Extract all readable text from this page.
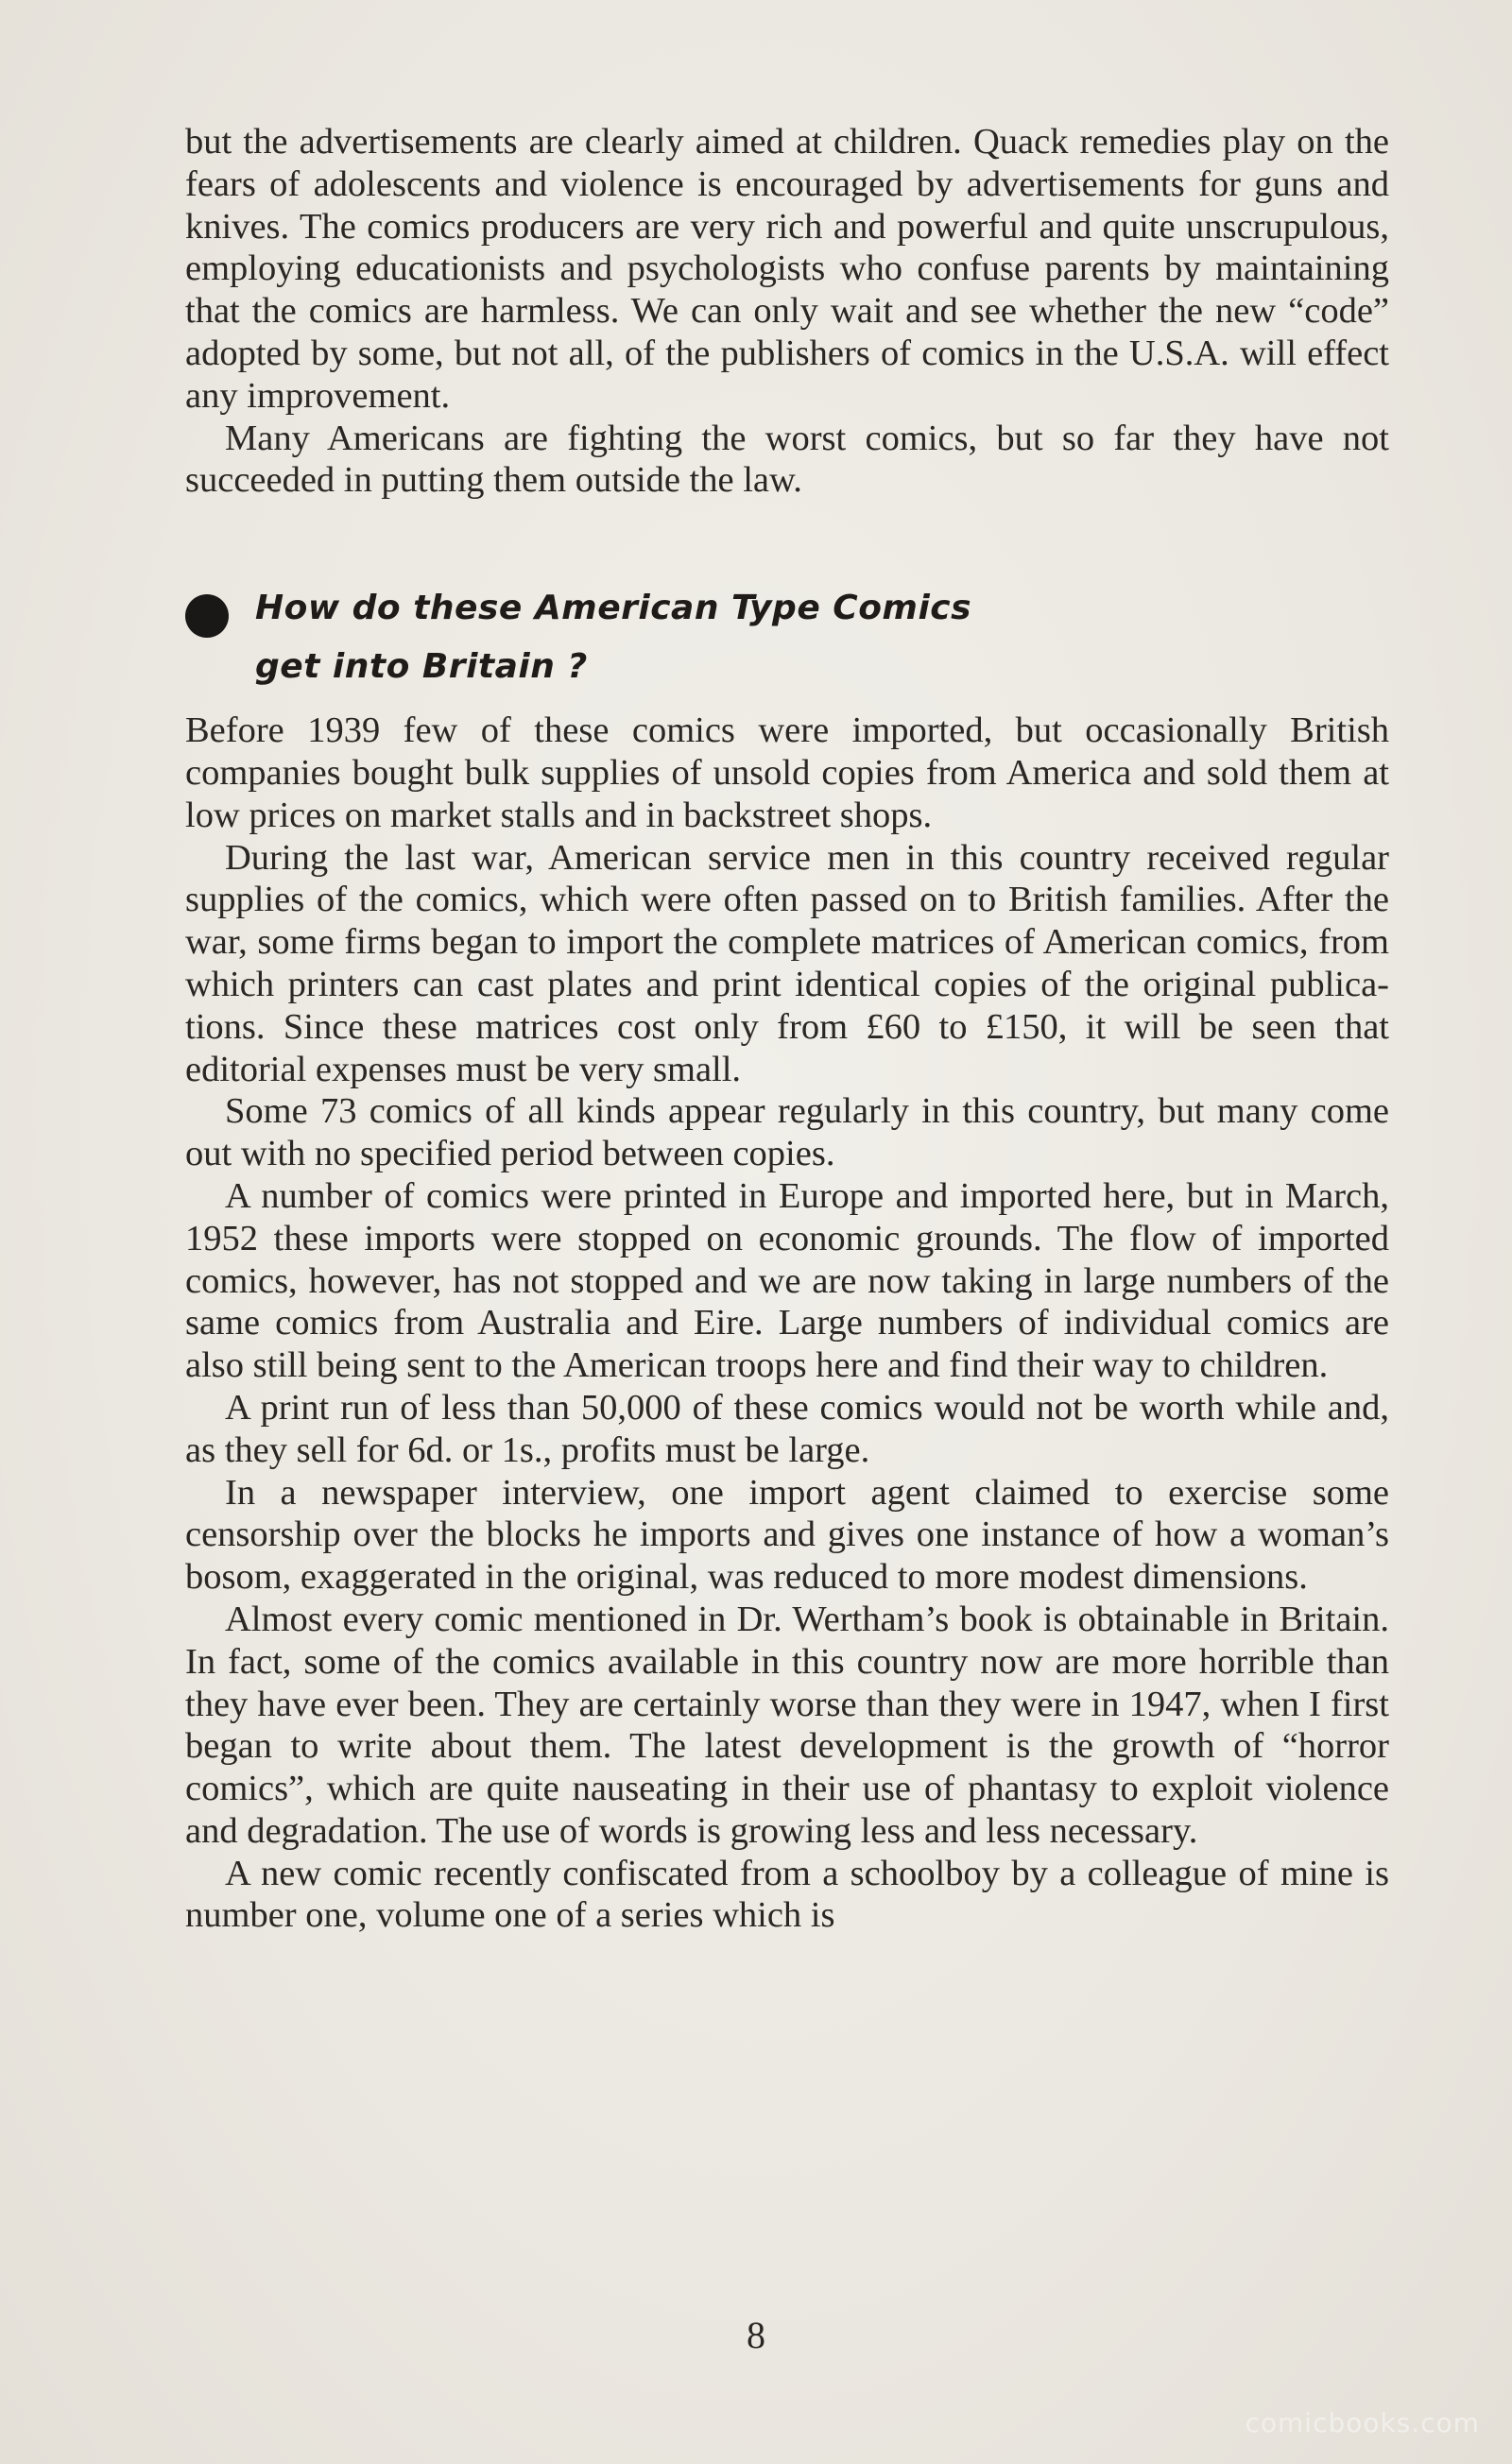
but the advertisements are clearly aimed at children. Quack remedies play on the fears of adolescents and violence is encouraged by advertisements for guns and knives. The comics producers are very rich and powerful and quite unscrupulous, employing educationists and psychologists who confuse parents by maintaining that the comics are harmless. We can only wait and see whether the new “code” adopted by some, but not all, of the publishers of comics in the U.S.A. will effect any improvement.

Many Americans are fighting the worst comics, but so far they have not succeeded in putting them outside the law.

How do these American Type Comics
get into Britain ?

Before 1939 few of these comics were imported, but occasionally British companies bought bulk supplies of unsold copies from America and sold them at low prices on market stalls and in backstreet shops.

During the last war, American service men in this country received regular supplies of the comics, which were often passed on to British families. After the war, some firms began to import the complete matrices of American comics, from which printers can cast plates and print identical copies of the original publications. Since these matrices cost only from £60 to £150, it will be seen that editorial expenses must be very small.

Some 73 comics of all kinds appear regularly in this country, but many come out with no specified period between copies.

A number of comics were printed in Europe and imported here, but in March, 1952 these imports were stopped on economic grounds. The flow of imported comics, however, has not stopped and we are now taking in large numbers of the same comics from Australia and Eire. Large numbers of individual comics are also still being sent to the American troops here and find their way to children.

A print run of less than 50,000 of these comics would not be worth while and, as they sell for 6d. or 1s., profits must be large.

In a newspaper interview, one import agent claimed to exercise some censorship over the blocks he imports and gives one instance of how a woman’s bosom, exaggerated in the original, was reduced to more modest dimensions.

Almost every comic mentioned in Dr. Wertham’s book is obtainable in Britain. In fact, some of the comics available in this country now are more horrible than they have ever been. They are certainly worse than they were in 1947, when I first began to write about them. The latest development is the growth of “horror comics”, which are quite nauseating in their use of phantasy to exploit violence and degradation. The use of words is growing less and less necessary.

A new comic recently confiscated from a schoolboy by a colleague of mine is number one, volume one of a series which is

8
comicbooks.com
